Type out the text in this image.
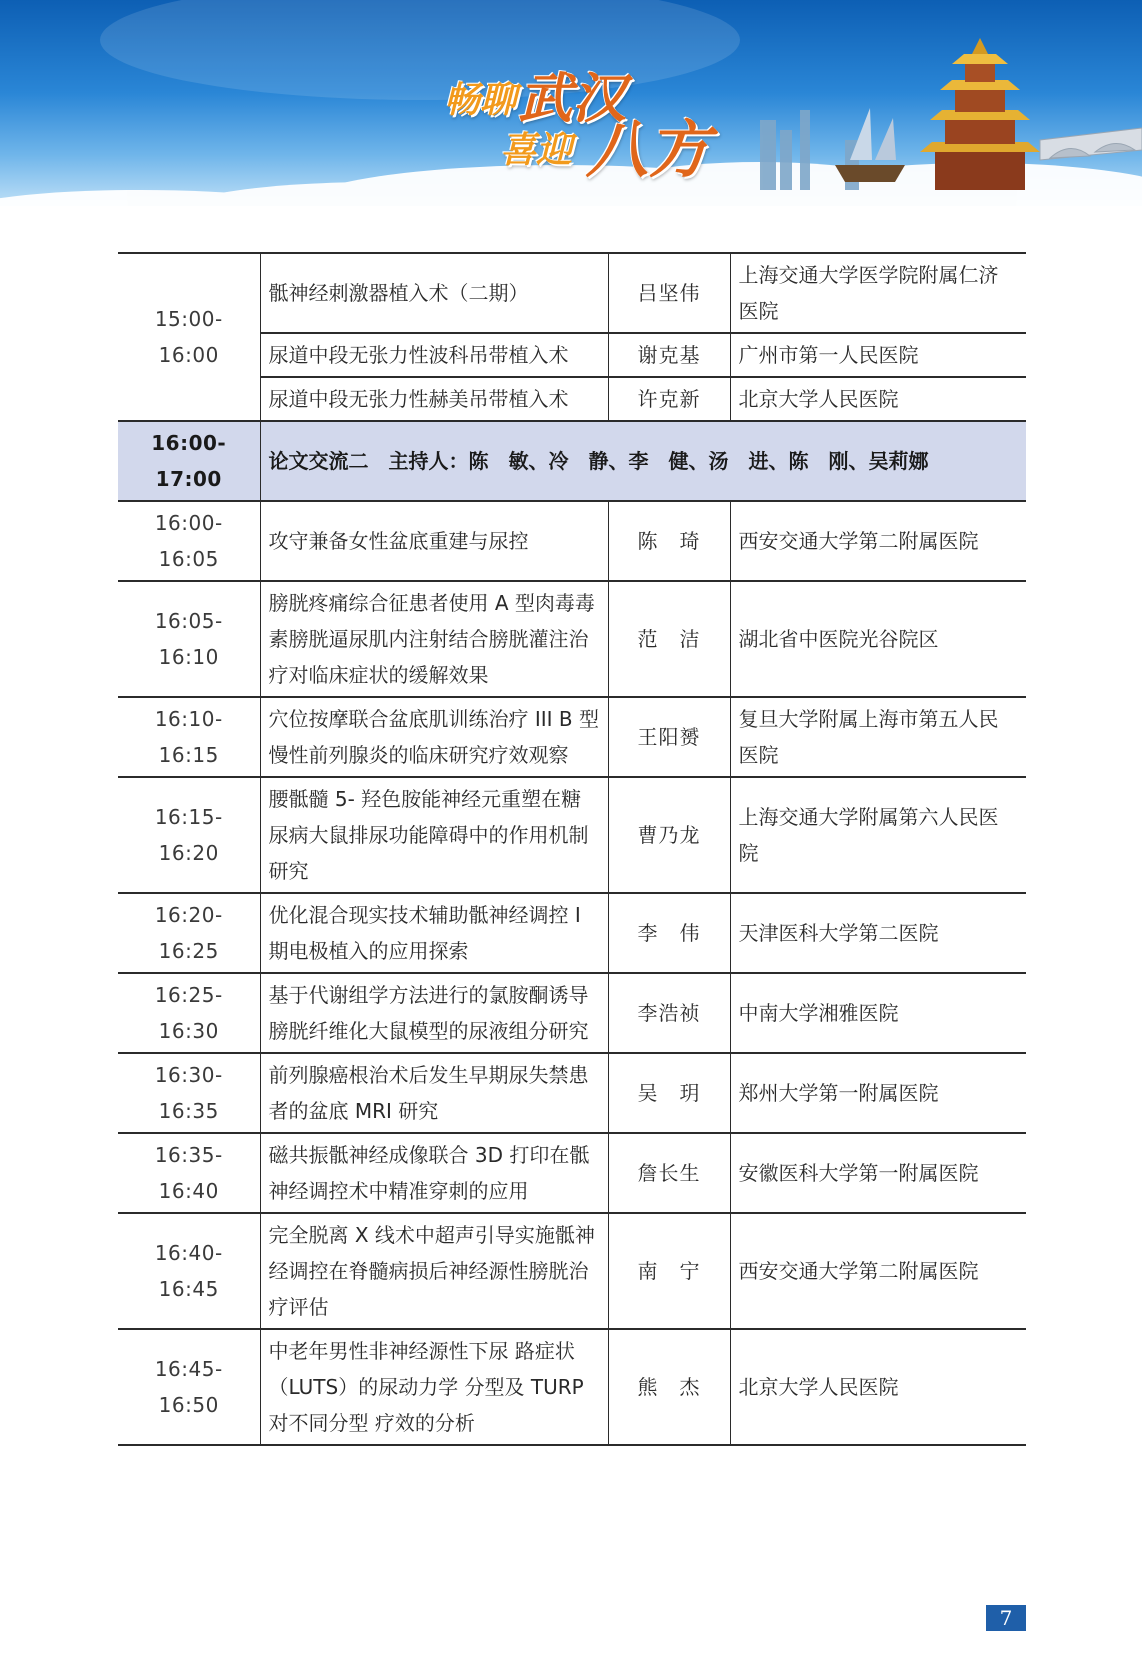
畅聊 武汉
喜迎 八方
15:00-16:00	骶神经刺激器植入术（二期）	吕坚伟	上海交通大学医学院附属仁济医院
	尿道中段无张力性波科吊带植入术	谢克基	广州市第一人民医院
	尿道中段无张力性赫美吊带植入术	许克新	北京大学人民医院
16:00-17:00	论文交流二　主持人：陈　敏、冷　静、李　健、汤　进、陈　刚、吴莉娜		
16:00-16:05	攻守兼备女性盆底重建与尿控	陈　琦	西安交通大学第二附属医院
16:05-16:10	膀胱疼痛综合征患者使用 A 型肉毒毒素膀胱逼尿肌内注射结合膀胱灌注治疗对临床症状的缓解效果	范　洁	湖北省中医院光谷院区
16:10-16:15	穴位按摩联合盆底肌训练治疗 III B 型慢性前列腺炎的临床研究疗效观察	王阳赟	复旦大学附属上海市第五人民医院
16:15-16:20	腰骶髓 5- 羟色胺能神经元重塑在糖尿病大鼠排尿功能障碍中的作用机制研究	曹乃龙	上海交通大学附属第六人民医院
16:20-16:25	优化混合现实技术辅助骶神经调控 I 期电极植入的应用探索	李　伟	天津医科大学第二医院
16:25-16:30	基于代谢组学方法进行的氯胺酮诱导膀胱纤维化大鼠模型的尿液组分研究	李浩祯	中南大学湘雅医院
16:30-16:35	前列腺癌根治术后发生早期尿失禁患者的盆底 MRI 研究	吴　玥	郑州大学第一附属医院
16:35-16:40	磁共振骶神经成像联合 3D 打印在骶神经调控术中精准穿刺的应用	詹长生	安徽医科大学第一附属医院
16:40-16:45	完全脱离 X 线术中超声引导实施骶神经调控在脊髓病损后神经源性膀胱治疗评估	南　宁	西安交通大学第二附属医院
16:45-16:50	中老年男性非神经源性下尿 路症状（LUTS）的尿动力学 分型及 TURP 对不同分型 疗效的分析	熊　杰	北京大学人民医院
7
